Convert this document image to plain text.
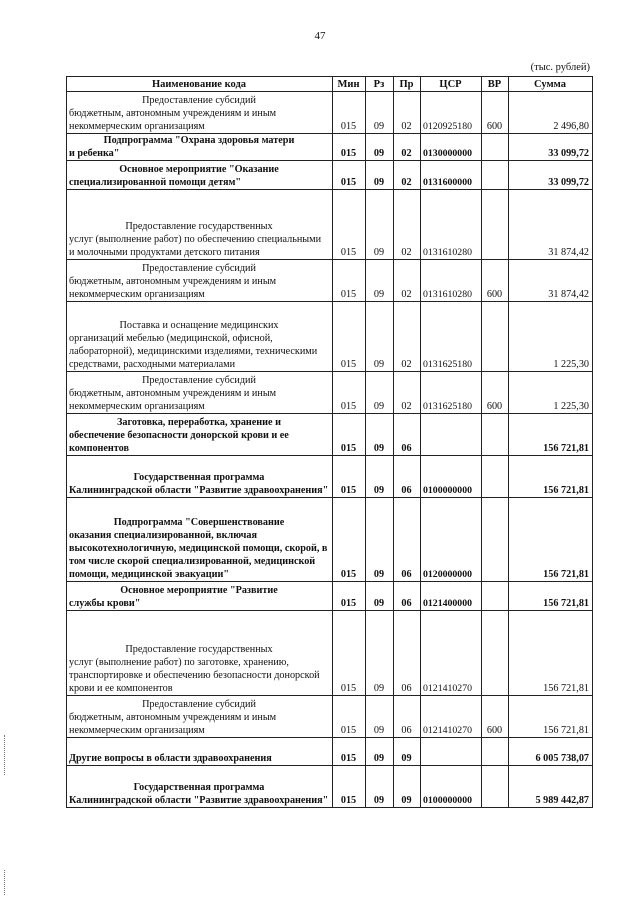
47
(тыс. рублей)
Наименование кода	Мин	Рз	Пр	ЦСР	ВР	Сумма

Предоставление субсидий
бюджетным, автономным учреждениям и иным некоммерческим организациям	015	09	02	0120925180	600	2 496,80

Подпрограмма "Охрана здоровья матери
и ребенка"	015	09	02	0130000000		33 099,72

Основное мероприятие "Оказание
специализированной помощи детям"	015	09	02	0131600000		33 099,72

Предоставление государственных
услуг (выполнение работ) по обеспечению специальными и молочными продуктами детского питания	015	09	02	0131610280		31 874,42

Предоставление субсидий
бюджетным, автономным учреждениям и иным некоммерческим организациям	015	09	02	0131610280	600	31 874,42

Поставка и оснащение медицинских
организаций мебелью (медицинской, офисной, лабораторной), медицинскими изделиями, техническими средствами, расходными материалами	015	09	02	0131625180		1 225,30

Предоставление субсидий
бюджетным, автономным учреждениям и иным некоммерческим организациям	015	09	02	0131625180	600	1 225,30

Заготовка, переработка, хранение и
обеспечение безопасности донорской крови и ее компонентов	015	09	06			156 721,81

Государственная программа
Калининградской области "Развитие здравоохранения"	015	09	06	0100000000		156 721,81

Подпрограмма "Совершенствование
оказания специализированной, включая высокотехнологичную, медицинской помощи, скорой, в том числе скорой специализированной, медицинской помощи, медицинской эвакуации"	015	09	06	0120000000		156 721,81

Основное мероприятие "Развитие
службы крови"	015	09	06	0121400000		156 721,81

Предоставление государственных
услуг (выполнение работ) по заготовке, хранению, транспортировке и обеспечению безопасности донорской крови и ее компонентов	015	09	06	0121410270		156 721,81

Предоставление субсидий
бюджетным, автономным учреждениям и иным некоммерческим организациям	015	09	06	0121410270	600	156 721,81
Другие вопросы в области здравоохранения	015	09	09			6 005 738,07

Государственная программа
Калининградской области "Развитие здравоохранения"	015	09	09	0100000000		5 989 442,87
